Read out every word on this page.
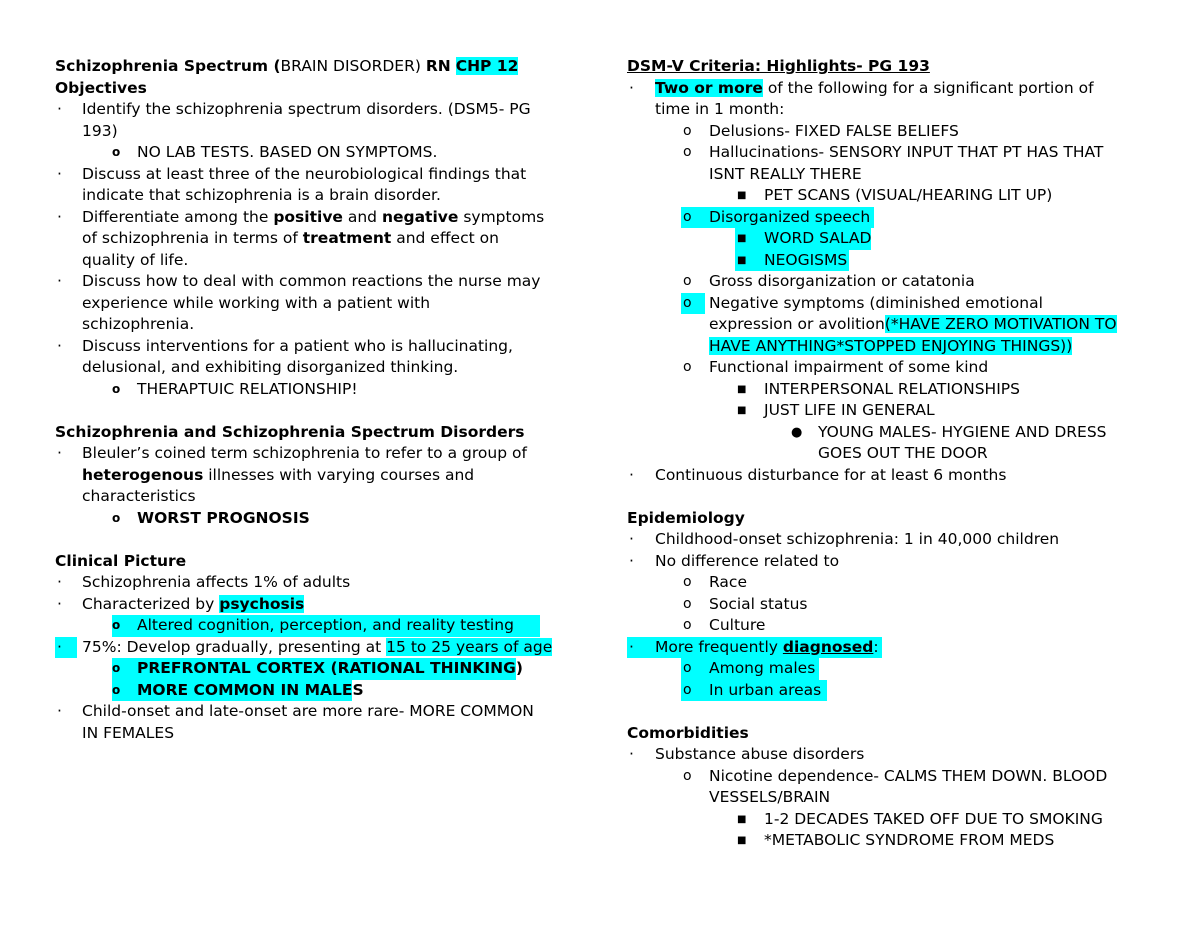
Schizophrenia Spectrum (BRAIN DISORDER) RN CHP 12
Objectives
· Identify the schizophrenia spectrum disorders. (DSM5- PG
193)
o NO LAB TESTS. BASED ON SYMPTOMS.
· Discuss at least three of the neurobiological findings that
indicate that schizophrenia is a brain disorder.
· Differentiate among the positive and negative symptoms
of schizophrenia in terms of treatment and effect on
quality of life.
· Discuss how to deal with common reactions the nurse may
experience while working with a patient with
schizophrenia.
· Discuss interventions for a patient who is hallucinating,
delusional, and exhibiting disorganized thinking.
o THERAPTUIC RELATIONSHIP!
Schizophrenia and Schizophrenia Spectrum Disorders
· Bleuler’s coined term schizophrenia to refer to a group of
heterogenous illnesses with varying courses and
characteristics
o WORST PROGNOSIS
Clinical Picture
· Schizophrenia affects 1% of adults
· Characterized by psychosis
o Altered cognition, perception, and reality testing
· 75%: Develop gradually, presenting at 15 to 25 years of age
o PREFRONTAL CORTEX (RATIONAL THINKING)
o MORE COMMON IN MALES
· Child-onset and late-onset are more rare- MORE COMMON
IN FEMALES
DSM-V Criteria: Highlights- PG 193
· Two or more of the following for a significant portion of
time in 1 month:
o Delusions- FIXED FALSE BELIEFS
o Hallucinations- SENSORY INPUT THAT PT HAS THAT
ISNT REALLY THERE
■ PET SCANS (VISUAL/HEARING LIT UP)
o Disorganized speech
■ WORD SALAD
■ NEOGISMS
o Gross disorganization or catatonia
o Negative symptoms (diminished emotional
expression or avolition(*HAVE ZERO MOTIVATION TO
HAVE ANYTHING*STOPPED ENJOYING THINGS))
o Functional impairment of some kind
■ INTERPERSONAL RELATIONSHIPS
■ JUST LIFE IN GENERAL
● YOUNG MALES- HYGIENE AND DRESS
GOES OUT THE DOOR
· Continuous disturbance for at least 6 months
Epidemiology
· Childhood-onset schizophrenia: 1 in 40,000 children
· No difference related to
o Race
o Social status
o Culture
· More frequently diagnosed:
o Among males
o In urban areas
Comorbidities
· Substance abuse disorders
o Nicotine dependence- CALMS THEM DOWN. BLOOD
VESSELS/BRAIN
■ 1-2 DECADES TAKED OFF DUE TO SMOKING
■ *METABOLIC SYNDROME FROM MEDS
